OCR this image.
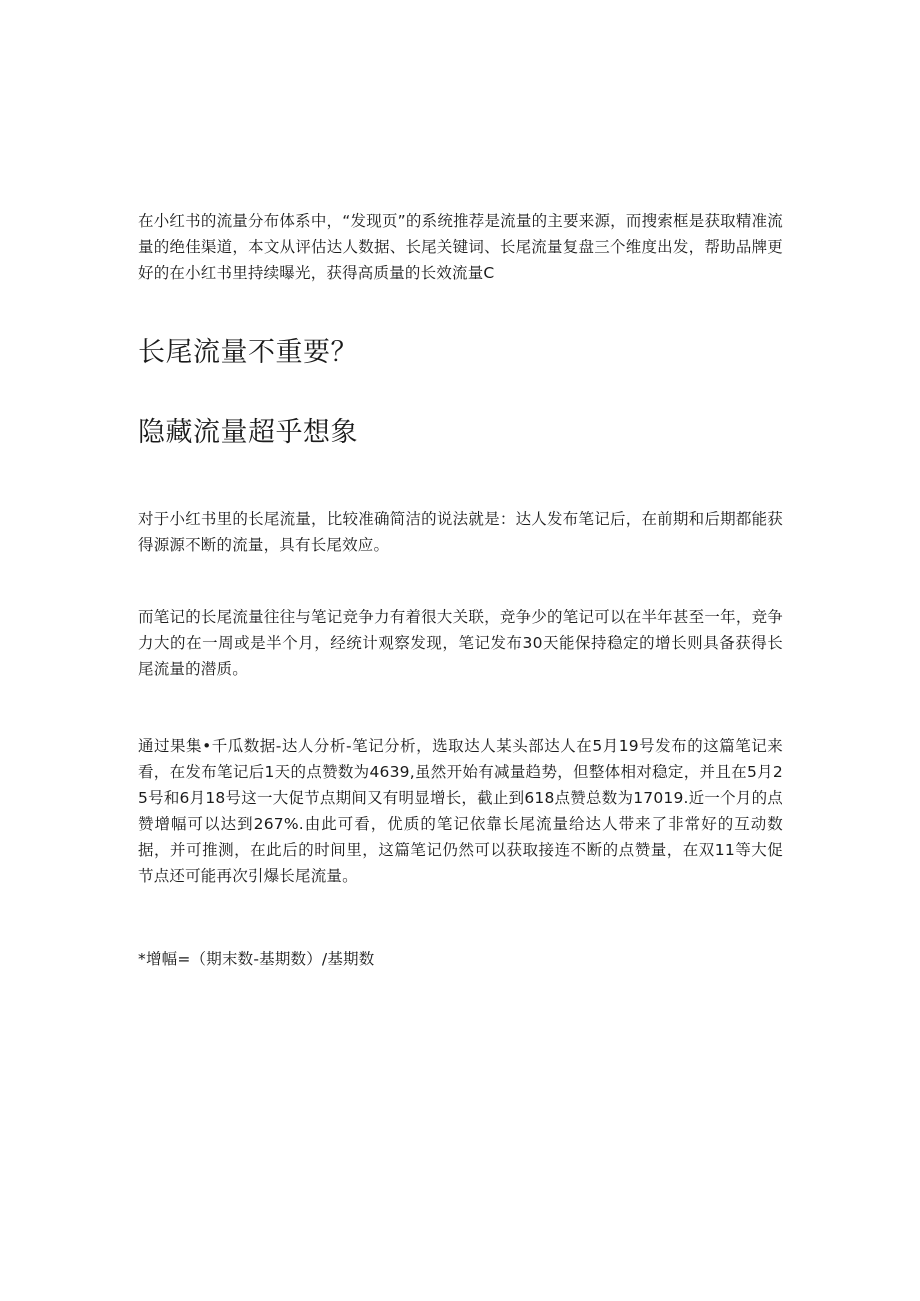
在小红书的流量分布体系中，“发现页”的系统推荐是流量的主要来源，而搜索框是获取精准流量的绝佳渠道，本文从评估达人数据、长尾关键词、长尾流量复盘三个维度出发，帮助品牌更好的在小红书里持续曝光，获得高质量的长效流量C

长尾流量不重要？
隐藏流量超乎想象

对于小红书里的长尾流量，比较准确简洁的说法就是：达人发布笔记后，在前期和后期都能获得源源不断的流量，具有长尾效应。

而笔记的长尾流量往往与笔记竞争力有着很大关联，竞争少的笔记可以在半年甚至一年，竞争力大的在一周或是半个月，经统计观察发现，笔记发布30天能保持稳定的增长则具备获得长尾流量的潜质。

通过果集•千瓜数据-达人分析-笔记分析，选取达人某头部达人在5月19号发布的这篇笔记来看，在发布笔记后1天的点赞数为4639,虽然开始有减量趋势，但整体相对稳定，并且在5月25号和6月18号这一大促节点期间又有明显增长，截止到618点赞总数为17019.近一个月的点赞增幅可以达到267%.由此可看，优质的笔记依靠长尾流量给达人带来了非常好的互动数据，并可推测，在此后的时间里，这篇笔记仍然可以获取接连不断的点赞量，在双11等大促节点还可能再次引爆长尾流量。

*增幅=（期末数-基期数）/基期数
